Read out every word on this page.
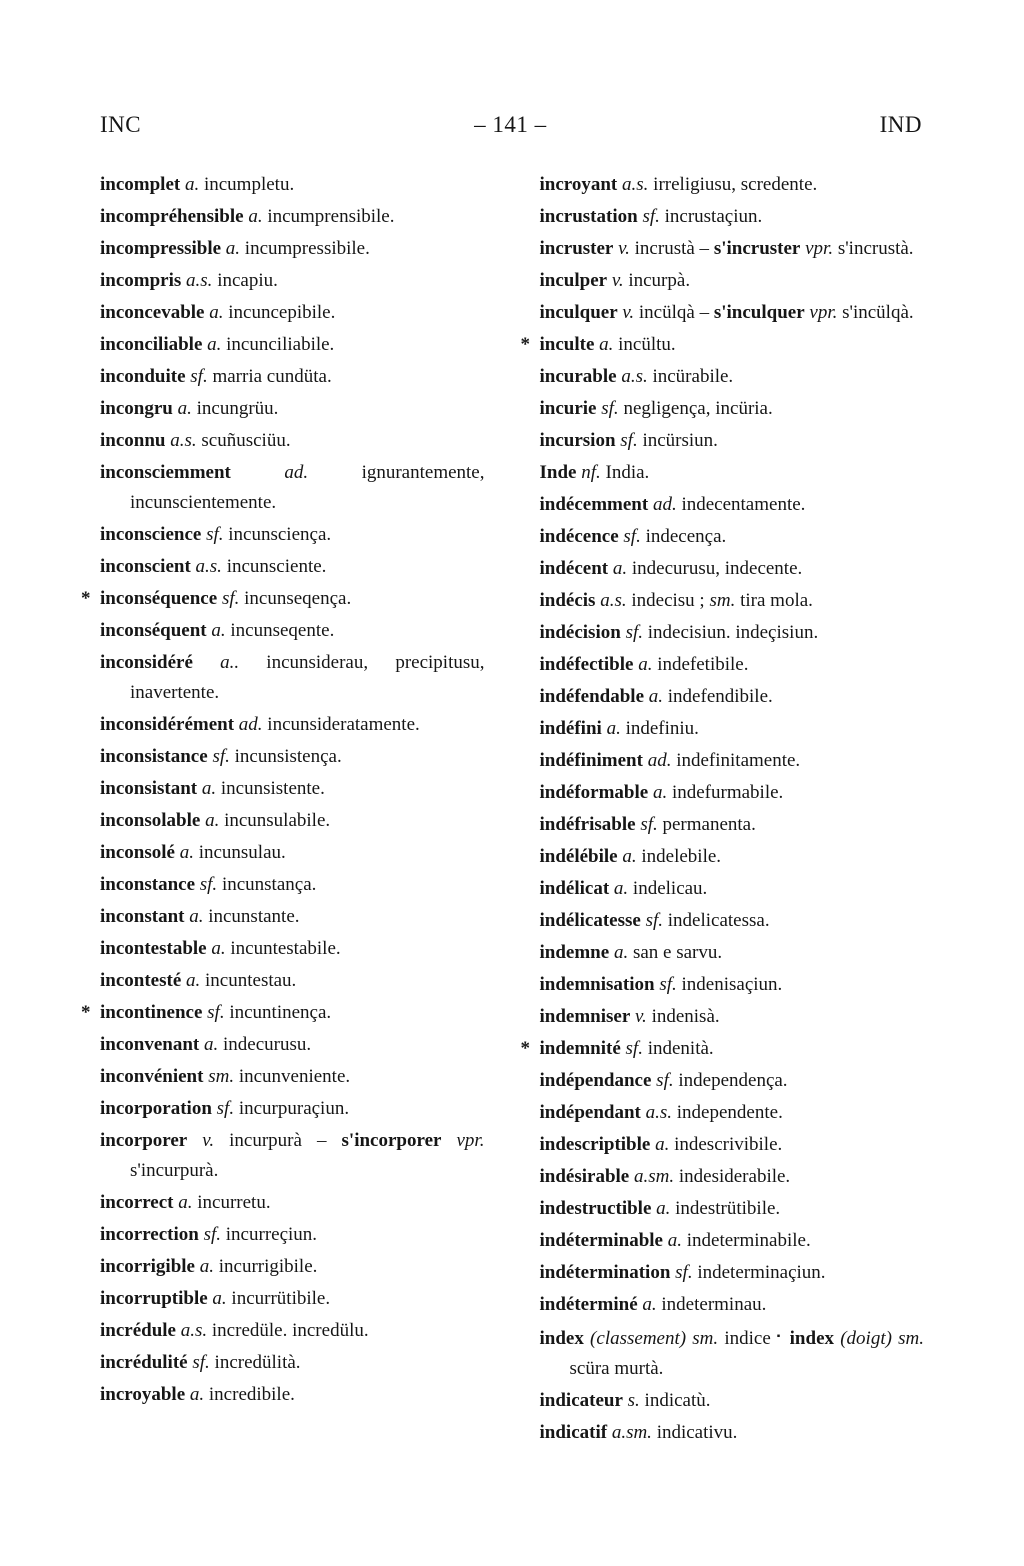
INC	– 141 –	IND

incomplet a. incumpletu.

incompréhensible a. incumprensibile.

incompressible a. incumpressibile.

incompris a.s. incapiu.

inconcevable a. incuncepibile.

inconciliable a. incunciliabile.

inconduite sf. marria cundüta.

incongru a. incungrüu.

inconnu a.s. scuñusciüu.

inconsciemment ad. ignurantemente, incunscientemente.

inconscience sf. incunsciença.

inconscient a.s. incunsciente.

* inconséquence sf. incunseqença.

inconséquent a. incunseqente.

inconsidéré a.. incunsiderau, precipitusu, inavertente.

inconsidérément ad. incunsideratamente.

inconsistance sf. incunsistença.

inconsistant a. incunsistente.

inconsolable a. incunsulabile.

inconsolé a. incunsulau.

inconstance sf. incunstança.

inconstant a. incunstante.

incontestable a. incuntestabile.

incontesté a. incuntestau.

* incontinence sf. incuntinença.

inconvenant a. indecurusu.

inconvénient sm. incunveniente.

incorporation sf. incurpuraçiun.

incorporer v. incurpurà – s'incorporer vpr. s'incurpurà.

incorrect a. incurretu.

incorrection sf. incurreçiun.

incorrigible a. incurrigibile.

incorruptible a. incurrütibile.

incrédule a.s. incredüle. incredülu.

incrédulité sf. incredülità.

incroyable a. incredibile.

incroyant a.s. irreligiusu, scredente.

incrustation sf. incrustaçiun.

incruster v. incrustà – s'incruster vpr. s'incrustà.

inculper v. incurpà.

inculquer v. incülqà – s'inculquer vpr. s'incülqà.

* inculte a. incültu.

incurable a.s. incürabile.

incurie sf. negligença, incüria.

incursion sf. incürsiun.

Inde nf. India.

indécemment ad. indecentamente.

indécence sf. indecença.

indécent a. indecurusu, indecente.

indécis a.s. indecisu ; sm. tira mola.

indécision sf. indecisiun. indeçisiun.

indéfectible a. indefetibile.

indéfendable a. indefendibile.

indéfini a. indefiniu.

indéfiniment ad. indefinitamente.

indéformable a. indefurmabile.

indéfrisable sf. permanenta.

indélébile a. indelebile.

indélicat a. indelicau.

indélicatesse sf. indelicatessa.

indemne a. san e sarvu.

indemnisation sf. indenisaçiun.

indemniser v. indenisà.

* indemnité sf. indenità.

indépendance sf. independença.

indépendant a.s. independente.

indescriptible a. indescrivibile.

indésirable a.sm. indesiderabile.

indestructible a. indestrütibile.

indéterminable a. indeterminabile.

indétermination sf. indeterminaçiun.

indéterminé a. indeterminau.

index (classement) sm. indice ▪ index (doigt) sm. scüra murtà.

indicateur s. indicatù.

indicatif a.sm. indicativu.
